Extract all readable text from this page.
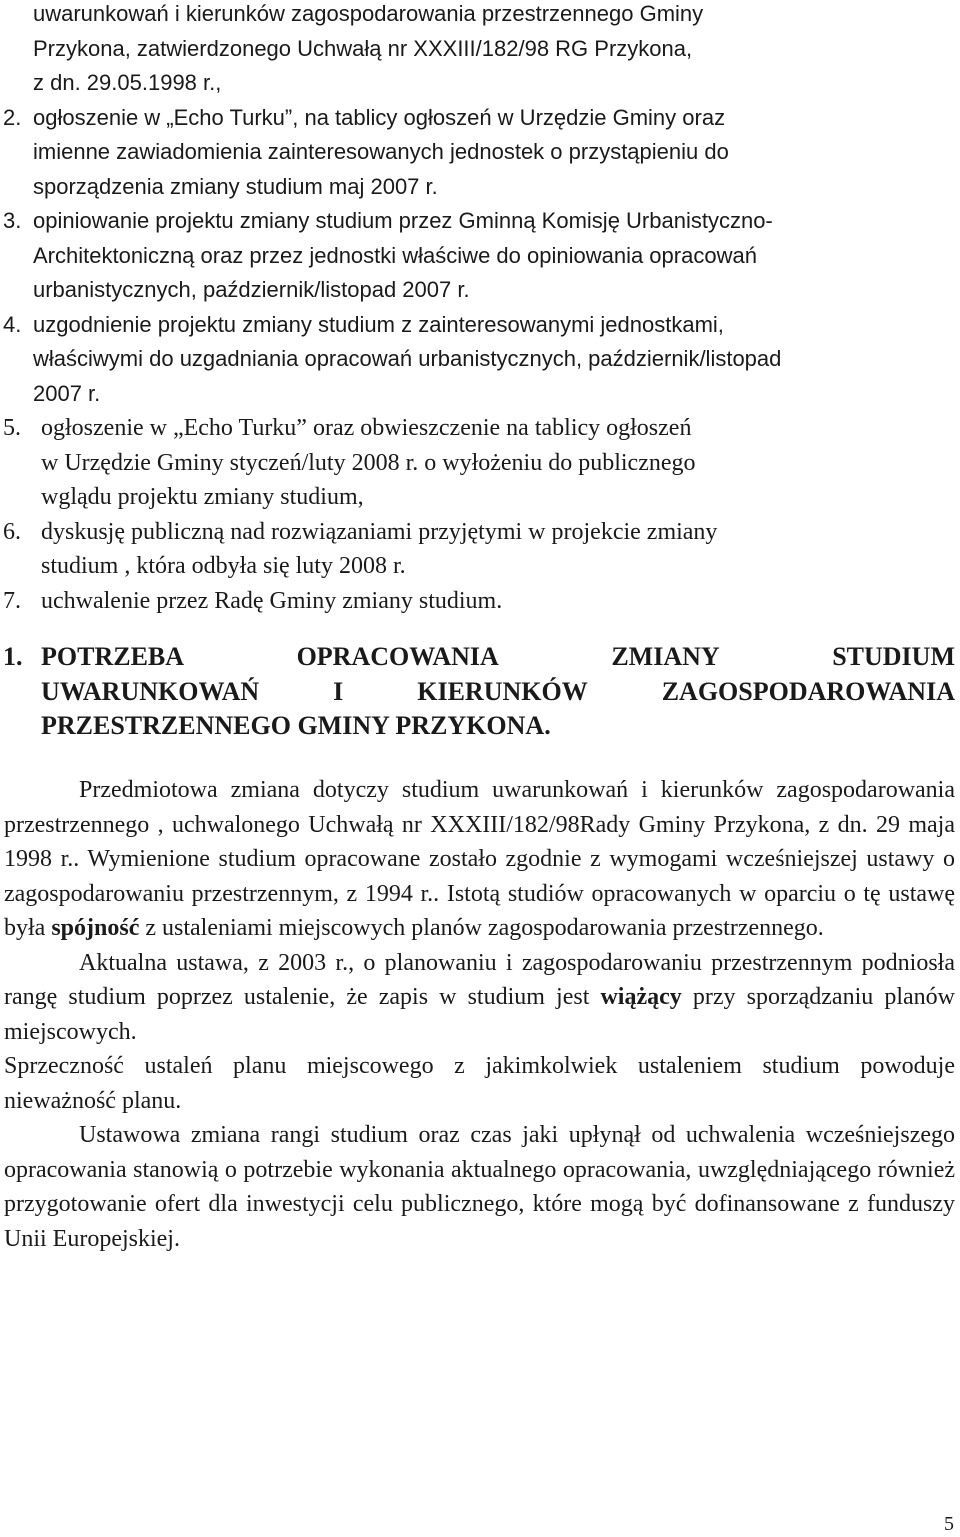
uwarunkowań i kierunków zagospodarowania przestrzennego Gminy
Przykona, zatwierdzonego Uchwałą nr XXXIII/182/98 RG Przykona,
z dn. 29.05.1998 r.,
2. ogłoszenie w „Echo Turku”, na tablicy ogłoszeń w Urzędzie Gminy oraz
imienne zawiadomienia zainteresowanych jednostek o przystąpieniu do
sporządzenia zmiany studium maj 2007 r.
3. opiniowanie projektu zmiany studium przez Gminną Komisję Urbanistyczno-
Architektoniczną oraz przez jednostki właściwe do opiniowania opracowań
urbanistycznych, październik/listopad 2007 r.
4. uzgodnienie projektu zmiany studium z zainteresowanymi jednostkami,
właściwymi do uzgadniania opracowań urbanistycznych, październik/listopad
2007 r.
5. ogłoszenie w „Echo Turku” oraz obwieszczenie na tablicy ogłoszeń
w Urzędzie Gminy styczeń/luty 2008 r. o wyłożeniu do publicznego
wglądu projektu zmiany studium,
6. dyskusję publiczną nad rozwiązaniami przyjętymi w projekcie zmiany
studium , która odbyła się luty 2008 r.
7. uchwalenie przez Radę Gminy zmiany studium.
1. POTRZEBA	OPRACOWANIA	ZMIANY	STUDIUM
UWARUNKOWAŃ	I	KIERUNKÓW	ZAGOSPODAROWANIA
PRZESTRZENNEGO GMINY PRZYKONA.

Przedmiotowa zmiana dotyczy studium uwarunkowań i kierunków zagospodarowania przestrzennego , uchwalonego Uchwałą nr XXXIII/182/98Rady Gminy Przykona, z dn. 29 maja 1998 r.. Wymienione studium opracowane zostało zgodnie z wymogami wcześniejszej ustawy o zagospodarowaniu przestrzennym, z 1994 r.. Istotą studiów opracowanych w oparciu o tę ustawę była spójność z ustaleniami miejscowych planów zagospodarowania przestrzennego.

Aktualna ustawa, z 2003 r., o planowaniu i zagospodarowaniu przestrzennym podniosła rangę studium poprzez ustalenie, że zapis w studium jest wiążący przy sporządzaniu planów miejscowych.

Sprzeczność ustaleń planu miejscowego z jakimkolwiek ustaleniem studium powoduje nieważność planu.

Ustawowa zmiana rangi studium oraz czas jaki upłynął od uchwalenia wcześniejszego opracowania stanowią o potrzebie wykonania aktualnego opracowania, uwzględniającego również przygotowanie ofert dla inwestycji celu publicznego, które mogą być dofinansowane z funduszy Unii Europejskiej.

5
